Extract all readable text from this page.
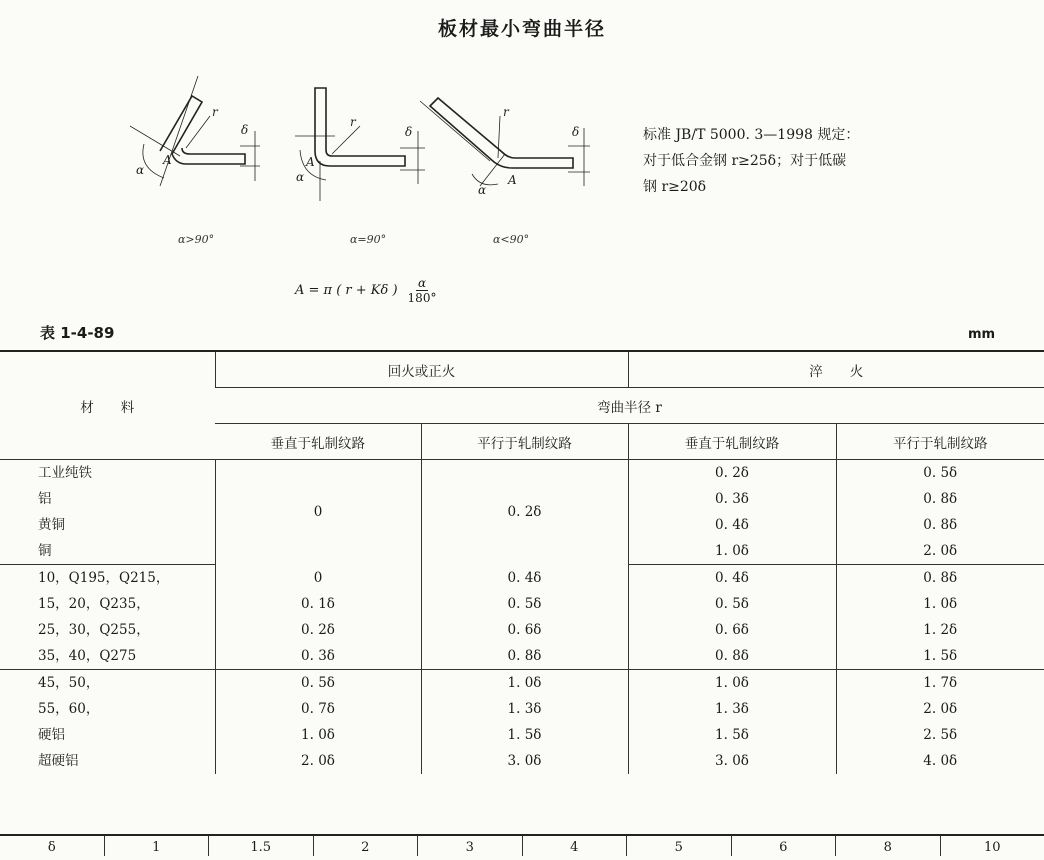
板材最小弯曲半径
α
r
A
δ
α
r
A
δ
α
r
A
δ
α>90°	α=90°	α<90°
A = π ( r + Kδ ) $\frac{\alpha}{180^\circ}$
标准 JB/T 5000. 3—1998 规定：
对于低合金钢 r≥25δ；对于低碳
钢 r≥20δ
表 1-4-89	mm
材　　料	回火或正火		淬　　火	
	弯曲半径 r			
	垂直于轧制纹路	平行于轧制纹路	垂直于轧制纹路	平行于轧制纹路
工业纯铁	0	0. 2δ	0. 2δ	0. 5δ
铝			0. 3δ	0. 8δ
黄铜			0. 4δ	0. 8δ
铜			1. 0δ	2. 0δ
10，Q195，Q215，	0	0. 4δ	0. 4δ	0. 8δ
15，20，Q235，	0. 1δ	0. 5δ	0. 5δ	1. 0δ
25，30，Q255，	0. 2δ	0. 6δ	0. 6δ	1. 2δ
35，40，Q275	0. 3δ	0. 8δ	0. 8δ	1. 5δ
45，50，	0. 5δ	1. 0δ	1. 0δ	1. 7δ
55，60，	0. 7δ	1. 3δ	1. 3δ	2. 0δ
硬铝	1. 0δ	1. 5δ	1. 5δ	2. 5δ
超硬铝	2. 0δ	3. 0δ	3. 0δ	4. 0δ
δ	1	1.5	2	3	4	5	6	8	10
